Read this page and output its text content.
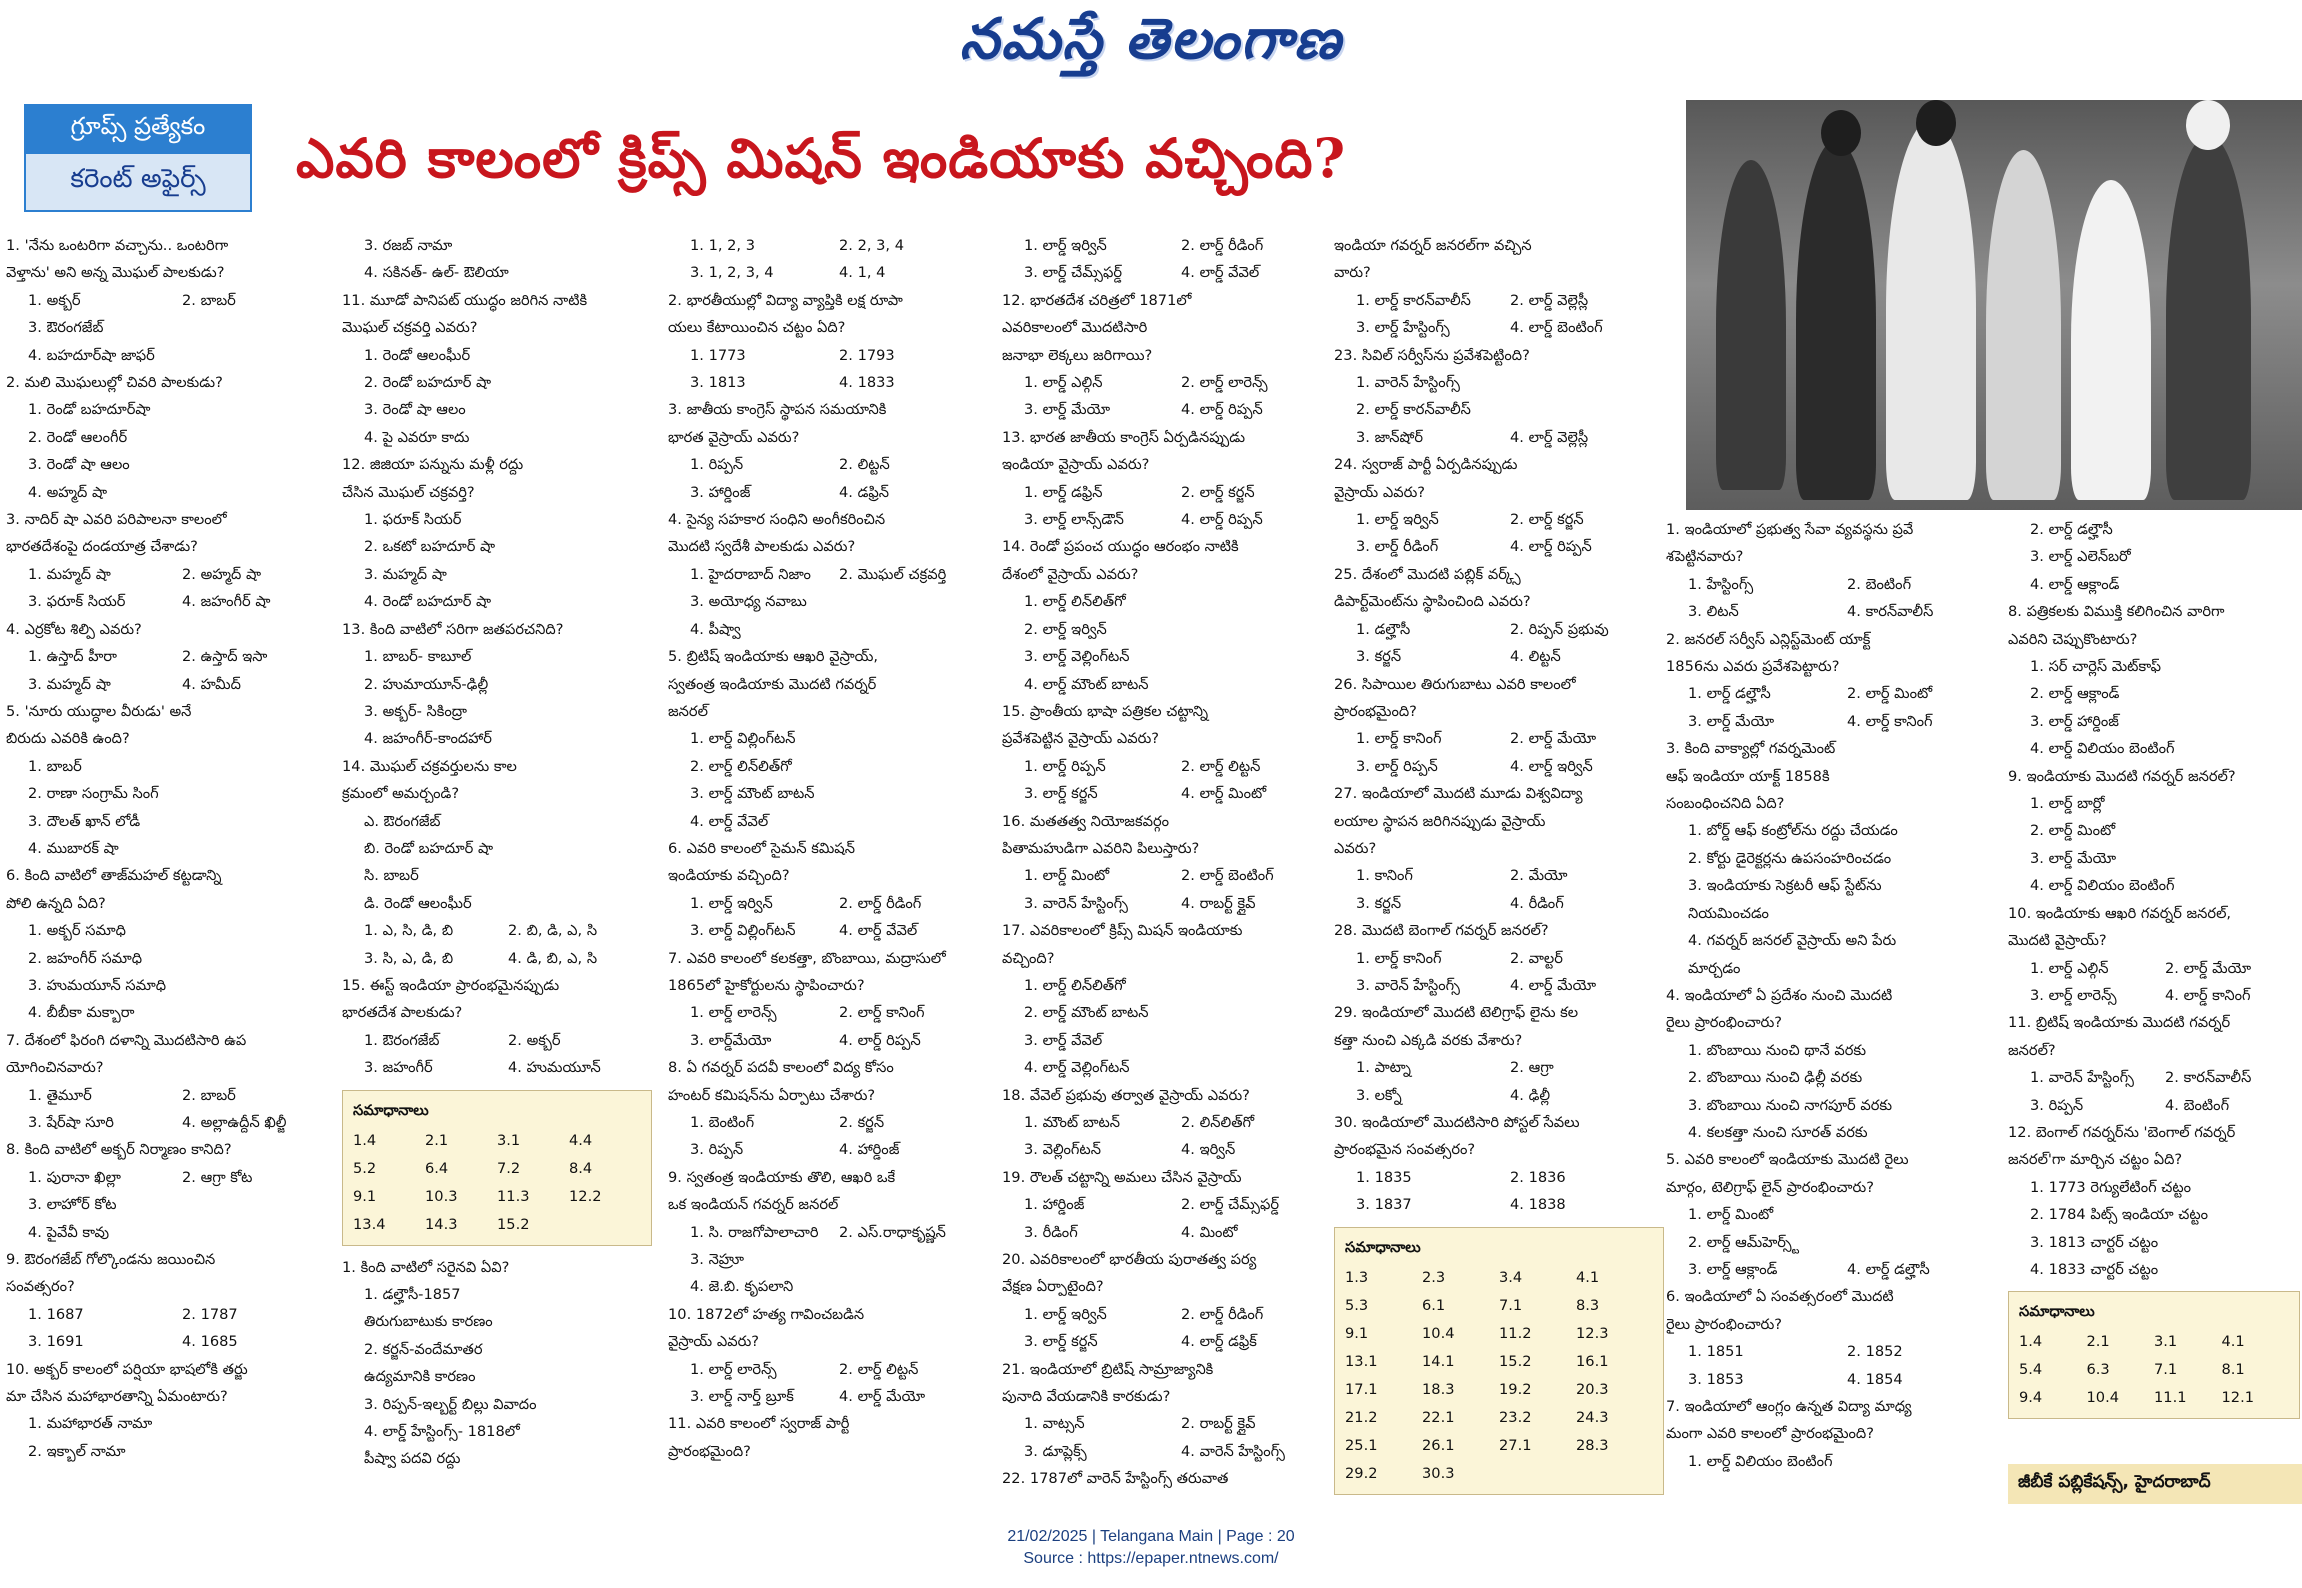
నమస్తే తెలంగాణ
గ్రూప్స్ ప్రత్యేకం
కరెంట్ అఫైర్స్	ఎవరి కాలంలో క్రిప్స్ మిషన్ ఇండియాకు వచ్చింది?
1. 'నేను ఒంటరిగా వచ్చాను.. ఒంటరిగా
వెళ్తాను' అని అన్న మొఘల్ పాలకుడు?
1. అక్బర్	2. బాబర్
3. ఔరంగజేబ్
4. బహదూర్‌షా జాఫర్
2. మలి మొఘలుల్లో చివరి పాలకుడు?
1. రెండో బహదూర్‌షా
2. రెండో ఆలంగీర్
3. రెండో షా ఆలం
4. అహ్మద్ షా
3. నాదిర్ షా ఎవరి పరిపాలనా కాలంలో
భారతదేశంపై దండయాత్ర చేశాడు?
1. మహ్మద్ షా	2. అహ్మద్ షా
3. ఫరూక్ సియర్	4. జహంగీర్ షా
4. ఎర్రకోట శిల్పి ఎవరు?
1. ఉస్తాద్ హీరా	2. ఉస్తాద్ ఇసా
3. మహ్మద్ షా	4. హమీద్
5. 'నూరు యుద్ధాల వీరుడు' అనే
బిరుదు ఎవరికి ఉంది?
1. బాబర్
2. రాణా సంగ్రామ్ సింగ్
3. దౌలత్ ఖాన్ లోడీ
4. ముబారక్ షా
6. కింది వాటిలో తాజ్‌మహల్ కట్టడాన్ని
పోలి ఉన్నది ఏది?
1. అక్బర్ సమాధి
2. జహంగీర్ సమాధి
3. హుమయూన్ సమాధి
4. బీబీకా మక్బారా
7. దేశంలో ఫిరంగి దళాన్ని మొదటిసారి ఉప
యోగించినవారు?
1. తైమూర్	2. బాబర్
3. షేర్‌షా సూరి	4. అల్లాఉద్దీన్ ఖిల్జీ
8. కింది వాటిలో అక్బర్ నిర్మాణం కానిది?
1. పురానా ఖిల్లా	2. ఆగ్రా కోట
3. లాహోర్ కోట
4. పైవేవీ కావు
9. ఔరంగజేబ్ గోల్కొండను జయించిన
సంవత్సరం?
1. 1687	2. 1787
3. 1691	4. 1685
10. అక్బర్ కాలంలో పర్షియా భాషలోకి తర్జు
మా చేసిన మహాభారతాన్ని ఏమంటారు?
1. మహాభారత్ నామా
2. ఇక్బాల్ నామా
3. రజబ్ నామా
4. సకినత్- ఉల్- ఔలియా
11. మూడో పానిపట్ యుద్ధం జరిగిన నాటికి
మొఘల్ చక్రవర్తి ఎవరు?
1. రెండో ఆలంఘీర్
2. రెండో బహదూర్ షా
3. రెండో షా ఆలం
4. పై ఎవరూ కాదు
12. జిజియా పన్నును మళ్లీ రద్దు
చేసిన మొఘల్ చక్రవర్తి?
1. ఫరూక్ సియర్
2. ఒకటో బహదూర్ షా
3. మహ్మద్ షా
4. రెండో బహదూర్ షా
13. కింది వాటిలో సరిగా జతపరచనిది?
1. బాబర్- కాబూల్
2. హుమాయూన్-ఢిల్లీ
3. అక్బర్- సికింద్రా
4. జహంగీర్-కాందహార్
14. మొఘల్ చక్రవర్తులను కాల
క్రమంలో అమర్చండి?
ఎ. ఔరంగజేబ్
బి. రెండో బహదూర్ షా
సి. బాబర్
డి. రెండో ఆలంఘీర్
1. ఎ, సి, డి, బి	2. బి, డి, ఎ, సి
3. సి, ఎ, డి, బి	4. డి, బి, ఎ, సి
15. ఈస్ట్ ఇండియా ప్రారంభమైనప్పుడు
భారతదేశ పాలకుడు?
1. ఔరంగజేబ్	2. అక్బర్
3. జహంగీర్	4. హుమయూన్
సమాధానాలు
1.4	2.1	3.1	4.4
5.2	6.4	7.2	8.4
9.1	10.3	11.3	12.2
13.4	14.3	15.2
1. కింది వాటిలో సరైనవి ఏవి?
1. డల్హౌసీ-1857
తిరుగుబాటుకు కారణం
2. కర్జన్-వందేమాతర
ఉద్యమానికి కారణం
3. రిప్పన్-ఇల్బర్ట్ బిల్లు వివాదం
4. లార్డ్ హేస్టింగ్స్- 1818లో
పీష్వా పదవి రద్దు
1. 1, 2, 3	2. 2, 3, 4
3. 1, 2, 3, 4	4. 1, 4
2. భారతీయుల్లో విద్యా వ్యాప్తికి లక్ష రూపా
యలు కేటాయించిన చట్టం ఏది?
1. 1773	2. 1793
3. 1813	4. 1833
3. జాతీయ కాంగ్రెస్ స్థాపన సమయానికి
భారత వైస్రాయ్ ఎవరు?
1. రిప్పన్	2. లిట్టన్
3. హార్డింజ్	4. డఫ్రిన్
4. సైన్య సహకార సంధిని అంగీకరించిన
మొదటి స్వదేశీ పాలకుడు ఎవరు?
1. హైదరాబాద్ నిజాం	2. మొఘల్ చక్రవర్తి
3. అయోధ్య నవాబు
4. పీష్వా
5. బ్రిటిష్ ఇండియాకు ఆఖరి వైస్రాయ్,
స్వతంత్ర ఇండియాకు మొదటి గవర్నర్
జనరల్
1. లార్డ్ విల్లింగ్‌టన్
2. లార్డ్ లిన్‌లిత్‌గో
3. లార్డ్ మౌంట్ బాటన్
4. లార్డ్ వేవెల్
6. ఎవరి కాలంలో సైమన్ కమిషన్
ఇండియాకు వచ్చింది?
1. లార్డ్ ఇర్విన్	2. లార్డ్ రీడింగ్
3. లార్డ్ విల్లింగ్‌టన్	4. లార్డ్ వేవెల్
7. ఎవరి కాలంలో కలకత్తా, బొంబాయి, మద్రాసులో
1865లో హైకోర్టులను స్థాపించారు?
1. లార్డ్ లారెన్స్	2. లార్డ్ కానింగ్
3. లార్డ్‌మేయో	4. లార్డ్ రిప్పన్
8. ఏ గవర్నర్ పదవీ కాలంలో విద్య కోసం
హంటర్ కమిషన్‌ను ఏర్పాటు చేశారు?
1. బెంటింగ్	2. కర్జన్
3. రిప్పన్	4. హార్డింజ్
9. స్వతంత్ర ఇండియాకు తొలి, ఆఖరి ఒకే
ఒక ఇండియన్ గవర్నర్ జనరల్
1. సి. రాజగోపాలాచారి	2. ఎస్.రాధాకృష్ణన్
3. నెహ్రూ
4. జె.బి. కృపలాని
10. 1872లో హత్య గావించబడిన
వైస్రాయ్ ఎవరు?
1. లార్డ్ లారెన్స్	2. లార్డ్ లిట్టన్
3. లార్డ్ నార్త్ బ్రూక్	4. లార్డ్ మేయో
11. ఎవరి కాలంలో స్వరాజ్ పార్టీ
ప్రారంభమైంది?
1. లార్డ్ ఇర్విన్	2. లార్డ్ రీడింగ్
3. లార్డ్ చేమ్స్‌ఫర్డ్	4. లార్డ్ వేవెల్
12. భారతదేశ చరిత్రలో 1871లో
ఎవరికాలంలో మొదటిసారి
జనాభా లెక్కలు జరిగాయి?
1. లార్డ్ ఎల్గిన్	2. లార్డ్ లారెన్స్
3. లార్డ్ మేయో	4. లార్డ్ రిప్పన్
13. భారత జాతీయ కాంగ్రెస్ ఏర్పడినప్పుడు
ఇండియా వైస్రాయ్ ఎవరు?
1. లార్డ్ డఫ్రిన్	2. లార్డ్ కర్జన్
3. లార్డ్ లాన్స్‌డౌన్	4. లార్డ్ రిప్పన్
14. రెండో ప్రపంచ యుద్ధం ఆరంభం నాటికి
దేశంలో వైస్రాయ్ ఎవరు?
1. లార్డ్ లిన్‌లిత్‌గో
2. లార్డ్ ఇర్విన్
3. లార్డ్ వెల్లింగ్‌టన్
4. లార్డ్ మౌంట్ బాటన్
15. ప్రాంతీయ భాషా పత్రికల చట్టాన్ని
ప్రవేశపెట్టిన వైస్రాయ్ ఎవరు?
1. లార్డ్ రిప్పన్	2. లార్డ్ లిట్టన్
3. లార్డ్ కర్జన్	4. లార్డ్ మింటో
16. మతతత్వ నియోజకవర్గం
పితామహుడిగా ఎవరిని పిలుస్తారు?
1. లార్డ్ మింటో	2. లార్డ్ బెంటింగ్
3. వారెన్ హేస్టింగ్స్	4. రాబర్ట్ క్లైవ్
17. ఎవరికాలంలో క్రిప్స్ మిషన్ ఇండియాకు
వచ్చింది?
1. లార్డ్ లిన్‌లిత్‌గో
2. లార్డ్ మౌంట్ బాటన్
3. లార్డ్ వేవెల్
4. లార్డ్ వెల్లింగ్‌టన్
18. వేవెల్ ప్రభువు తర్వాత వైస్రాయ్ ఎవరు?
1. మౌంట్ బాటన్	2. లిన్‌లిత్‌గో
3. వెల్లింగ్‌టన్	4. ఇర్విన్
19. రౌలత్ చట్టాన్ని అమలు చేసిన వైస్రాయ్
1. హార్డింజ్	2. లార్డ్ చేమ్స్‌ఫర్డ్
3. రీడింగ్	4. మింటో
20. ఎవరికాలంలో భారతీయ పురాతత్వ పర్య
వేక్షణ ఏర్పాటైంది?
1. లార్డ్ ఇర్విన్	2. లార్డ్ రీడింగ్
3. లార్డ్ కర్జన్	4. లార్డ్ డఫ్రిక్
21. ఇండియాలో బ్రిటిష్ సామ్రాజ్యానికి
పునాది వేయడానికి కారకుడు?
1. వాట్సన్	2. రాబర్ట్ క్లైవ్
3. డూప్లెక్స్	4. వారెన్ హేస్టింగ్స్
22. 1787లో వారెన్ హేస్టింగ్స్ తరువాత
ఇండియా గవర్నర్ జనరల్‌గా వచ్చిన
వారు?
1. లార్డ్ కారన్‌వాలీస్	2. లార్డ్ వెల్లెస్లీ
3. లార్డ్ హేస్టింగ్స్	4. లార్డ్ బెంటింగ్
23. సివిల్ సర్వీస్‌ను ప్రవేశపెట్టింది?
1. వారెన్ హేస్టింగ్స్
2. లార్డ్ కారన్‌వాలీస్
3. జాన్‌షోర్	4. లార్డ్ వెల్లెస్లీ
24. స్వరాజ్ పార్టీ ఏర్పడినప్పుడు
వైస్రాయ్ ఎవరు?
1. లార్డ్ ఇర్విన్	2. లార్డ్ కర్జన్
3. లార్డ్ రీడింగ్	4. లార్డ్ రిప్పన్
25. దేశంలో మొదటి పబ్లిక్ వర్క్స్
డిపార్ట్‌మెంట్‌ను స్థాపించింది ఎవరు?
1. డల్హౌసీ	2. రిప్పన్ ప్రభువు
3. కర్జన్	4. లిట్టన్
26. సిపాయిల తిరుగుబాటు ఎవరి కాలంలో
ప్రారంభమైంది?
1. లార్డ్ కానింగ్	2. లార్డ్ మేయో
3. లార్డ్ రిప్పన్	4. లార్డ్ ఇర్విన్
27. ఇండియాలో మొదటి మూడు విశ్వవిద్యా
లయాల స్థాపన జరిగినప్పుడు వైస్రాయ్
ఎవరు?
1. కానింగ్	2. మేయో
3. కర్జన్	4. రీడింగ్
28. మొదటి బెంగాల్ గవర్నర్ జనరల్?
1. లార్డ్ కానింగ్	2. వాల్టర్
3. వారెన్ హేస్టింగ్స్	4. లార్డ్ మేయో
29. ఇండియాలో మొదటి టెలిగ్రాఫ్ లైను కల
కత్తా నుంచి ఎక్కడి వరకు వేశారు?
1. పాట్నా	2. ఆగ్రా
3. లక్నో	4. ఢిల్లీ
30. ఇండియాలో మొదటిసారి పోస్టల్ సేవలు
ప్రారంభమైన సంవత్సరం?
1. 1835	2. 1836
3. 1837	4. 1838
సమాధానాలు
1.3	2.3	3.4	4.1
5.3	6.1	7.1	8.3
9.1	10.4	11.2	12.3
13.1	14.1	15.2	16.1
17.1	18.3	19.2	20.3
21.2	22.1	23.2	24.3
25.1	26.1	27.1	28.3
29.2	30.3
1. ఇండియాలో ప్రభుత్వ సేవా వ్యవస్థను ప్రవే
శపెట్టినవారు?
1. హేస్టింగ్స్	2. బెంటింగ్
3. లిటన్	4. కారన్‌వాలీస్
2. జనరల్ సర్వీస్ ఎన్లిస్ట్‌మెంట్ యాక్ట్
1856ను ఎవరు ప్రవేశపెట్టారు?
1. లార్డ్ డల్హౌసీ	2. లార్డ్ మింటో
3. లార్డ్ మేయో	4. లార్డ్ కానింగ్
3. కింది వాక్యాల్లో గవర్నమెంట్
ఆఫ్ ఇండియా యాక్ట్ 1858కి
సంబంధించనిది ఏది?
1. బోర్డ్ ఆఫ్ కంట్రోల్‌ను రద్దు చేయడం
2. కోర్టు డైరెక్టర్లను ఉపసంహరించడం
3. ఇండియాకు సెక్రటరీ ఆఫ్ స్టేట్‌ను
నియమించడం
4. గవర్నర్ జనరల్ వైస్రాయ్ అని పేరు
మార్చడం
4. ఇండియాలో ఏ ప్రదేశం నుంచి మొదటి
రైలు ప్రారంభించారు?
1. బొంబాయి నుంచి థానే వరకు
2. బొంబాయి నుంచి ఢిల్లీ వరకు
3. బొంబాయి నుంచి నాగపూర్ వరకు
4. కలకత్తా నుంచి సూరత్ వరకు
5. ఎవరి కాలంలో ఇండియాకు మొదటి రైలు
మార్గం, టెలిగ్రాఫ్ లైన్ ప్రారంభించారు?
1. లార్డ్ మింటో
2. లార్డ్ ఆమ్‌హెర్స్ట్
3. లార్డ్ ఆక్లాండ్	4. లార్డ్ డల్హౌసీ
6. ఇండియాలో ఏ సంవత్సరంలో మొదటి
రైలు ప్రారంభించారు?
1. 1851	2. 1852
3. 1853	4. 1854
7. ఇండియాలో ఆంగ్లం ఉన్నత విద్యా మాధ్య
మంగా ఎవరి కాలంలో ప్రారంభమైంది?
1. లార్డ్ విలియం బెంటింగ్
2. లార్డ్ డల్హౌసీ
3. లార్డ్ ఎలెన్‌బరో
4. లార్డ్ ఆక్లాండ్
8. పత్రికలకు విముక్తి కలిగించిన వారిగా
ఎవరిని చెప్పుకొంటారు?
1. సర్ చార్లెస్ మెట్‌కాఫ్
2. లార్డ్ ఆక్లాండ్
3. లార్డ్ హార్డింజ్
4. లార్డ్ విలియం బెంటింగ్
9. ఇండియాకు మొదటి గవర్నర్ జనరల్?
1. లార్డ్ బార్లో
2. లార్డ్ మింటో
3. లార్డ్ మేయో
4. లార్డ్ విలియం బెంటింగ్
10. ఇండియాకు ఆఖరి గవర్నర్ జనరల్,
మొదటి వైస్రాయ్?
1. లార్డ్ ఎల్గిన్	2. లార్డ్ మేయో
3. లార్డ్ లారెన్స్	4. లార్డ్ కానింగ్
11. బ్రిటిష్ ఇండియాకు మొదటి గవర్నర్
జనరల్?
1. వారెన్ హేస్టింగ్స్	2. కారన్‌వాలీస్
3. రిప్పన్	4. బెంటింగ్
12. బెంగాల్ గవర్నర్‌ను 'బెంగాల్ గవర్నర్
జనరల్'గా మార్చిన చట్టం ఏది?
1. 1773 రెగ్యులేటింగ్ చట్టం
2. 1784 పిట్స్ ఇండియా చట్టం
3. 1813 చార్టర్ చట్టం
4. 1833 చార్టర్ చట్టం
సమాధానాలు
1.4	2.1	3.1	4.1
5.4	6.3	7.1	8.1
9.4	10.4	11.1	12.1
జీబీకే పబ్లికేషన్స్, హైదరాబాద్
21/02/2025 | Telangana Main | Page : 20
Source : https://epaper.ntnews.com/
